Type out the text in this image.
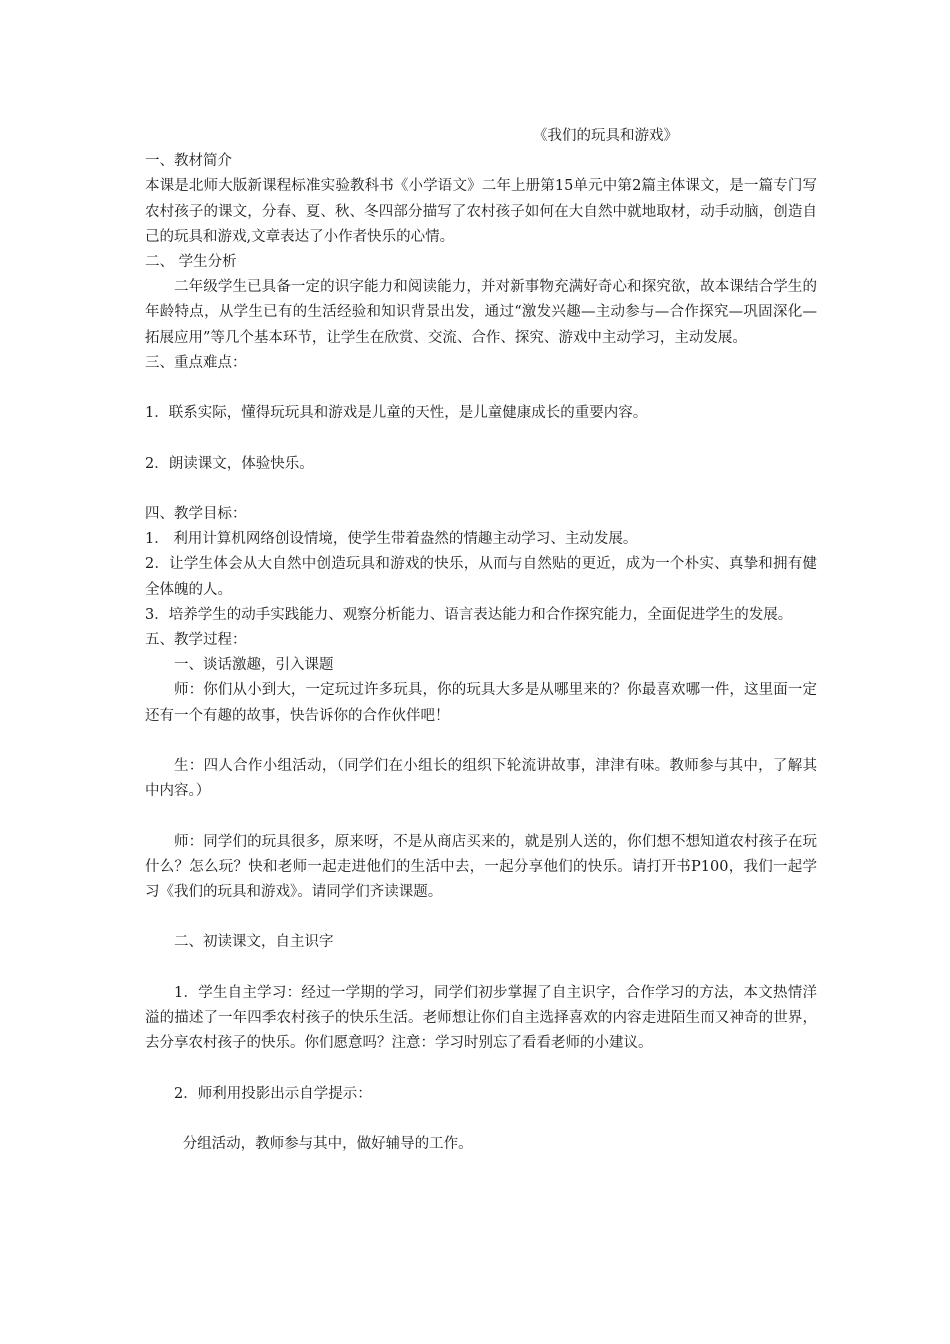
《我们的玩具和游戏》

一、教材简介

本课是北师大版新课程标准实验教科书《小学语文》二年上册第15单元中第2篇主体课文，是一篇专门写农村孩子的课文，分春、夏、秋、冬四部分描写了农村孩子如何在大自然中就地取材，动手动脑，创造自己的玩具和游戏,文章表达了小作者快乐的心情。

二、 学生分析

二年级学生已具备一定的识字能力和阅读能力，并对新事物充满好奇心和探究欲，故本课结合学生的年龄特点，从学生已有的生活经验和知识背景出发，通过“激发兴趣—主动参与—合作探究—巩固深化—拓展应用”等几个基本环节，让学生在欣赏、交流、合作、探究、游戏中主动学习，主动发展。

三、重点难点：

1．联系实际，懂得玩玩具和游戏是儿童的天性，是儿童健康成长的重要内容。

2．朗读课文，体验快乐。

四、教学目标：

1． 利用计算机网络创设情境，使学生带着盎然的情趣主动学习、主动发展。

2．让学生体会从大自然中创造玩具和游戏的快乐，从而与自然贴的更近，成为一个朴实、真挚和拥有健全体魄的人。

3．培养学生的动手实践能力、观察分析能力、语言表达能力和合作探究能力，全面促进学生的发展。

五、教学过程：

一、谈话激趣，引入课题

师：你们从小到大，一定玩过许多玩具，你的玩具大多是从哪里来的？你最喜欢哪一件，这里面一定还有一个有趣的故事，快告诉你的合作伙伴吧！

生：四人合作小组活动，（同学们在小组长的组织下轮流讲故事，津津有味。教师参与其中，了解其中内容。）

师：同学们的玩具很多，原来呀，不是从商店买来的，就是别人送的，你们想不想知道农村孩子在玩什么？怎么玩？快和老师一起走进他们的生活中去，一起分享他们的快乐。请打开书P100，我们一起学习《我们的玩具和游戏》。请同学们齐读课题。

二、初读课文，自主识字

1．学生自主学习：经过一学期的学习，同学们初步掌握了自主识字，合作学习的方法，本文热情洋溢的描述了一年四季农村孩子的快乐生活。老师想让你们自主选择喜欢的内容走进陌生而又神奇的世界，去分享农村孩子的快乐。你们愿意吗？注意：学习时别忘了看看老师的小建议。

2．师利用投影出示自学提示：

分组活动，教师参与其中，做好辅导的工作。
